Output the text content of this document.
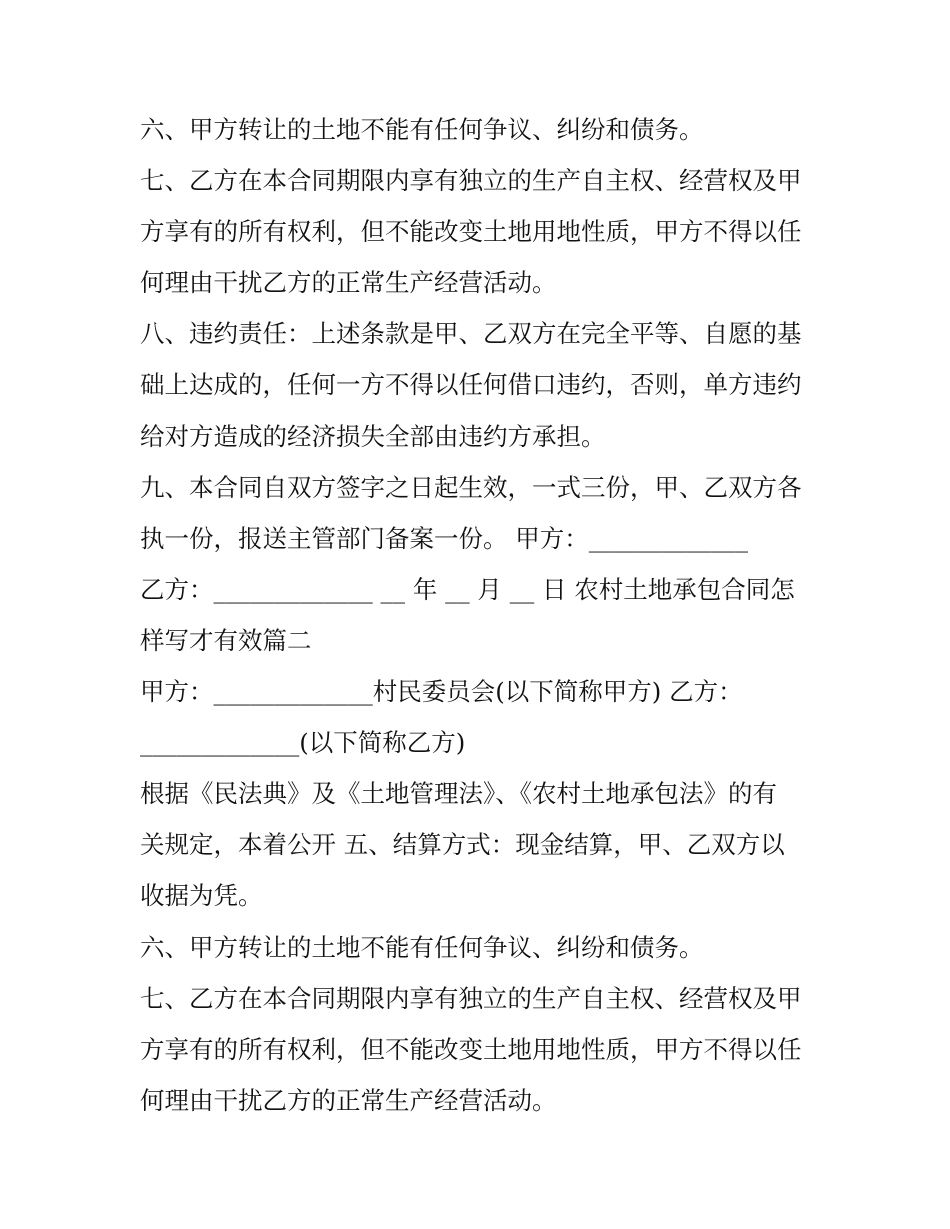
六、甲方转让的土地不能有任何争议、纠纷和债务。
七、乙方在本合同期限内享有独立的生产自主权、经营权及甲
方享有的所有权利，但不能改变土地用地性质，甲方不得以任
何理由干扰乙方的正常生产经营活动。
八、违约责任：上述条款是甲、乙双方在完全平等、自愿的基
础上达成的，任何一方不得以任何借口违约，否则，单方违约
给对方造成的经济损失全部由违约方承担。
九、本合同自双方签字之日起生效，一式三份，甲、乙双方各
执一份，报送主管部门备案一份。 甲方：_____________
乙方：_____________ __ 年 __ 月 __ 日 农村土地承包合同怎
样写才有效篇二
甲方：_____________村民委员会(以下简称甲方) 乙方：
_____________(以下简称乙方)
根据《民法典》及《土地管理法》、《农村土地承包法》的有
关规定，本着公开 五、结算方式：现金结算，甲、乙双方以
收据为凭。
六、甲方转让的土地不能有任何争议、纠纷和债务。
七、乙方在本合同期限内享有独立的生产自主权、经营权及甲
方享有的所有权利，但不能改变土地用地性质，甲方不得以任
何理由干扰乙方的正常生产经营活动。
